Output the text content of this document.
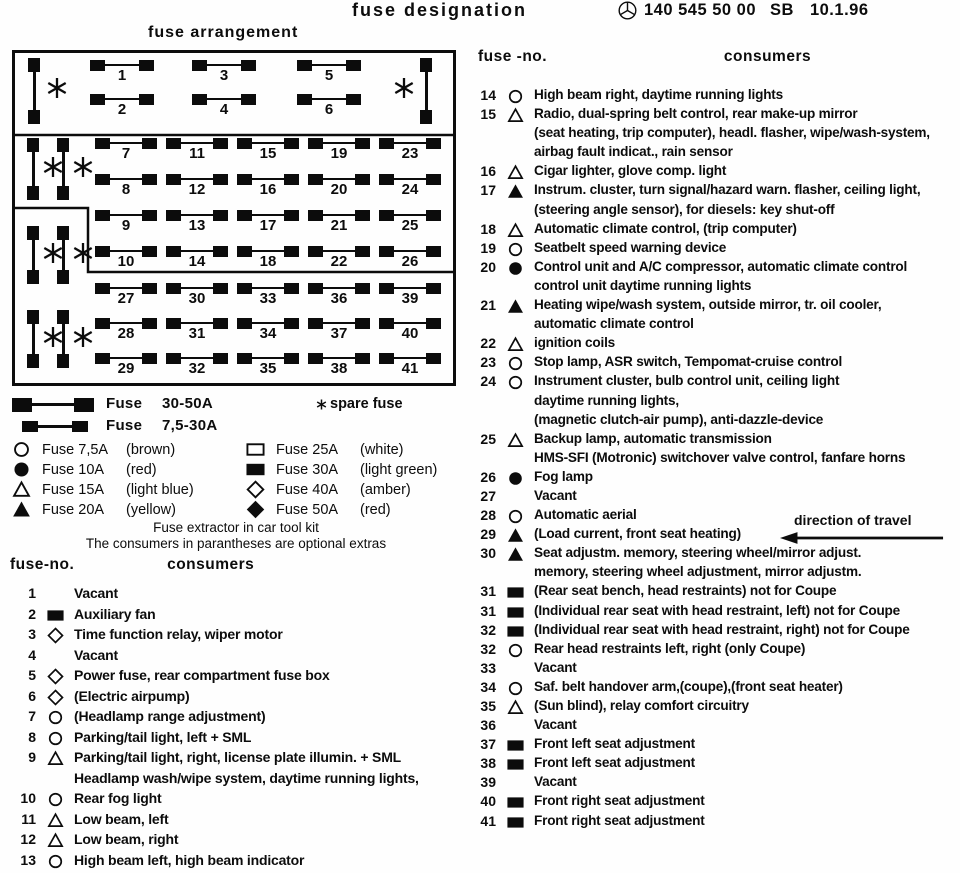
fuse designation	140 545 50 00 SB 10.1.96
fuse arrangement
1	3	5
2	4	6
7	11	15	19	23
8	12	16	20	24
9	13	17	21	25
10	14	18	22	26
27	30	33	36	39
28	31	34	37	40
29	32	35	38	41
Fuse 30-50A	spare fuse
Fuse 7,5-30A
Fuse 7,5A	(brown)	Fuse 25A	(white)
Fuse 10A	(red)	Fuse 30A	(light green)
Fuse 15A	(light blue)	Fuse 40A	(amber)
Fuse 20A	(yellow)	Fuse 50A	(red)
Fuse extractor in car tool kit
The consumers in parantheses are optional extras
fuse-no.	consumers
1	Vacant
2	Auxiliary fan
3	Time function relay, wiper motor
4	Vacant
5	Power fuse, rear compartment fuse box
6	(Electric airpump)
7	(Headlamp range adjustment)
8	Parking/tail light, left + SML
9	Parking/tail light, right, license plate illumin. + SML
Headlamp wash/wipe system, daytime running lights,
10	Rear fog light
11	Low beam, left
12	Low beam, right
13	High beam left, high beam indicator
fuse -no.	consumers
14	High beam right, daytime running lights
15	Radio, dual-spring belt control, rear make-up mirror
(seat heating, trip computer), headl. flasher, wipe/wash-system,
airbag fault indicat., rain sensor
16	Cigar lighter, glove comp. light
17	Instrum. cluster, turn signal/hazard warn. flasher, ceiling light,
(steering angle sensor), for diesels: key shut-off
18	Automatic climate control, (trip computer)
19	Seatbelt speed warning device
20	Control unit and A/C compressor, automatic climate control
control unit daytime running lights
21	Heating wipe/wash system, outside mirror, tr. oil cooler,
automatic climate control
22	ignition coils
23	Stop lamp, ASR switch, Tempomat-cruise control
24	Instrument cluster, bulb control unit, ceiling light
daytime running lights,
(magnetic clutch-air pump), anti-dazzle-device
25	Backup lamp, automatic transmission
HMS-SFI (Motronic) switchover valve control, fanfare horns
26	Fog lamp
27	Vacant
28	Automatic aerial
29	(Load current, front seat heating)
30	Seat adjustm. memory, steering wheel/mirror adjust.
memory, steering wheel adjustment, mirror adjustm.
31	(Rear seat bench, head restraints) not for Coupe
31	(Individual rear seat with head restraint, left) not for Coupe
32	(Individual rear seat with head restraint, right) not for Coupe
32	Rear head restraints left, right (only Coupe)
33	Vacant
34	Saf. belt handover arm,(coupe),(front seat heater)
35	(Sun blind), relay comfort circuitry
36	Vacant
37	Front left seat adjustment
38	Front left seat adjustment
39	Vacant
40	Front right seat adjustment
41	Front right seat adjustment
direction of travel
